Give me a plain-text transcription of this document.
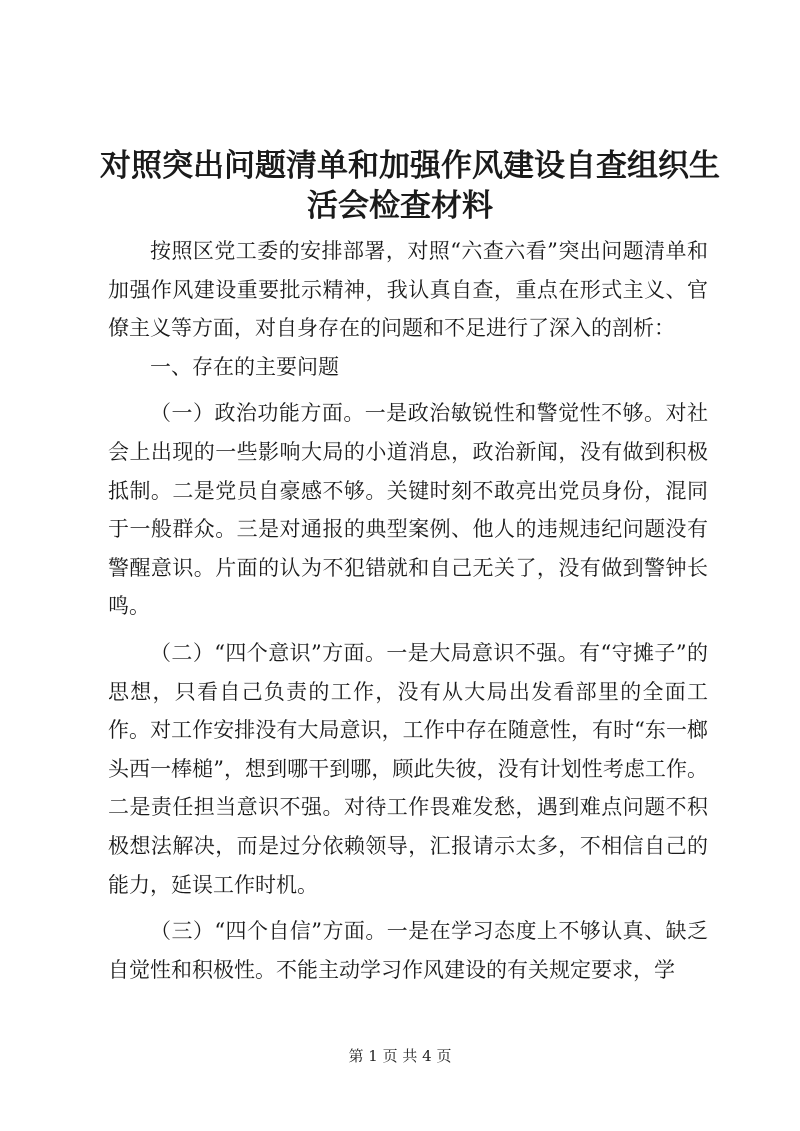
对照突出问题清单和加强作风建设自查组织生
活会检查材料

按照区党工委的安排部署，对照“六查六看”突出问题清单和加强作风建设重要批示精神，我认真自查，重点在形式主义、官僚主义等方面，对自身存在的问题和不足进行了深入的剖析：

一、存在的主要问题

（一）政治功能方面。一是政治敏锐性和警觉性不够。对社会上出现的一些影响大局的小道消息，政治新闻，没有做到积极抵制。二是党员自豪感不够。关键时刻不敢亮出党员身份，混同于一般群众。三是对通报的典型案例、他人的违规违纪问题没有警醒意识。片面的认为不犯错就和自己无关了，没有做到警钟长鸣。

（二）“四个意识”方面。一是大局意识不强。有“守摊子”的思想，只看自己负责的工作，没有从大局出发看部里的全面工作。对工作安排没有大局意识，工作中存在随意性，有时“东一榔头西一棒槌”，想到哪干到哪，顾此失彼，没有计划性考虑工作。二是责任担当意识不强。对待工作畏难发愁，遇到难点问题不积极想法解决，而是过分依赖领导，汇报请示太多，不相信自己的能力，延误工作时机。

（三）“四个自信”方面。一是在学习态度上不够认真、缺乏自觉性和积极性。不能主动学习作风建设的有关规定要求，学

第 1 页 共 4 页
